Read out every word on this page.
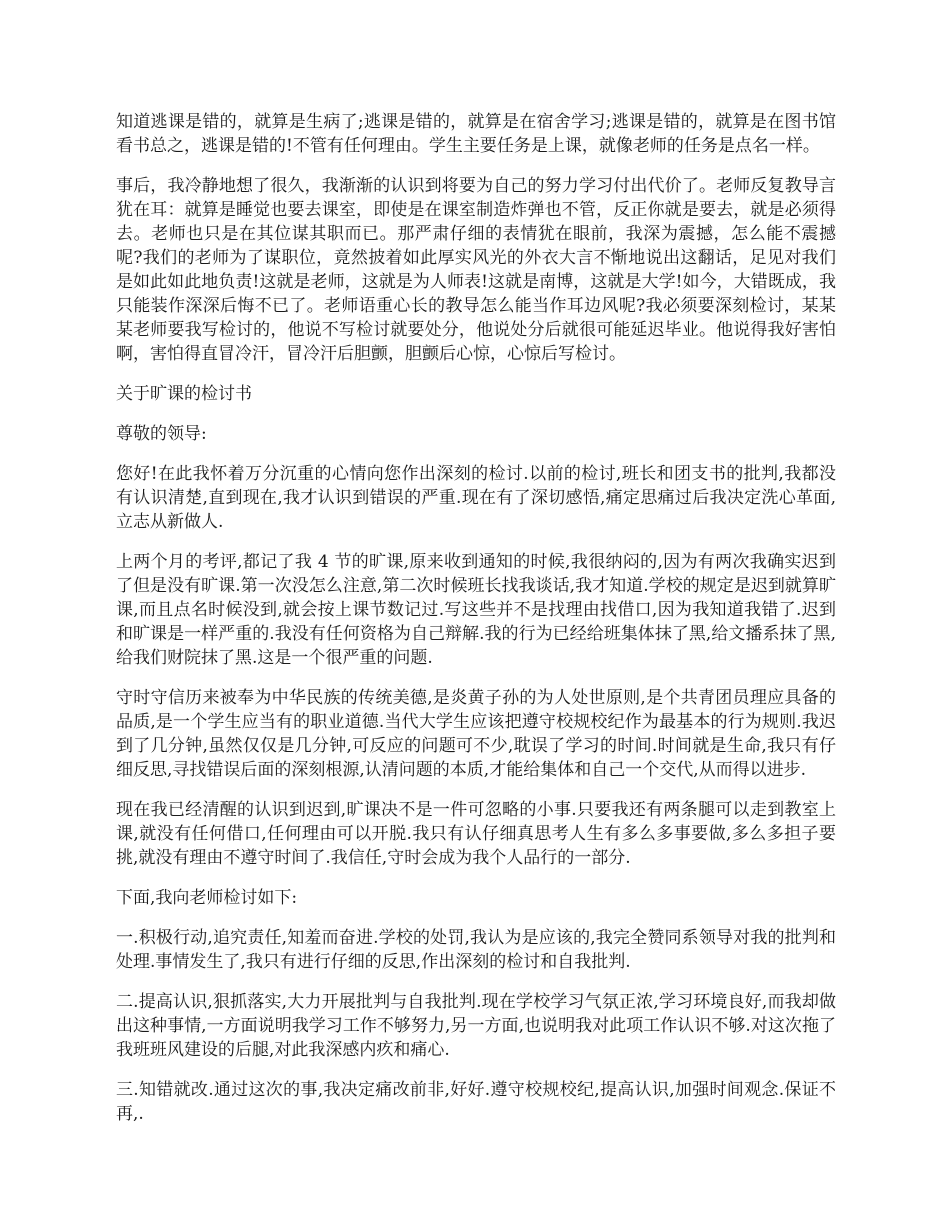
知道逃课是错的，就算是生病了;逃课是错的，就算是在宿舍学习;逃课是错的，就算是在图书馆看书总之，逃课是错的!不管有任何理由。学生主要任务是上课，就像老师的任务是点名一样。

事后，我冷静地想了很久，我渐渐的认识到将要为自己的努力学习付出代价了。老师反复教导言犹在耳：就算是睡觉也要去课室，即使是在课室制造炸弹也不管，反正你就是要去，就是必须得去。老师也只是在其位谋其职而已。那严肃仔细的表情犹在眼前，我深为震撼，怎么能不震撼呢?我们的老师为了谋职位，竟然披着如此厚实风光的外衣大言不惭地说出这翻话，足见对我们是如此如此地负责!这就是老师，这就是为人师表!这就是南博，这就是大学!如今，大错既成，我只能装作深深后悔不已了。老师语重心长的教导怎么能当作耳边风呢?我必须要深刻检讨，某某某老师要我写检讨的，他说不写检讨就要处分，他说处分后就很可能延迟毕业。他说得我好害怕啊，害怕得直冒冷汗，冒冷汗后胆颤，胆颤后心惊，心惊后写检讨。

关于旷课的检讨书

尊敬的领导:

您好!在此我怀着万分沉重的心情向您作出深刻的检讨.以前的检讨,班长和团支书的批判,我都没有认识清楚,直到现在,我才认识到错误的严重.现在有了深切感悟,痛定思痛过后我决定洗心革面,立志从新做人.

上两个月的考评,都记了我 4 节的旷课,原来收到通知的时候,我很纳闷的,因为有两次我确实迟到了但是没有旷课.第一次没怎么注意,第二次时候班长找我谈话,我才知道.学校的规定是迟到就算旷课,而且点名时候没到,就会按上课节数记过.写这些并不是找理由找借口,因为我知道我错了.迟到和旷课是一样严重的.我没有任何资格为自己辩解.我的行为已经给班集体抹了黑,给文播系抹了黑,给我们财院抹了黑.这是一个很严重的问题.

守时守信历来被奉为中华民族的传统美德,是炎黄子孙的为人处世原则,是个共青团员理应具备的品质,是一个学生应当有的职业道德.当代大学生应该把遵守校规校纪作为最基本的行为规则.我迟到了几分钟,虽然仅仅是几分钟,可反应的问题可不少,耽误了学习的时间.时间就是生命,我只有仔细反思,寻找错误后面的深刻根源,认清问题的本质,才能给集体和自己一个交代,从而得以进步.

现在我已经清醒的认识到迟到,旷课决不是一件可忽略的小事.只要我还有两条腿可以走到教室上课,就没有任何借口,任何理由可以开脱.我只有认仔细真思考人生有多么多事要做,多么多担子要挑,就没有理由不遵守时间了.我信任,守时会成为我个人品行的一部分.

下面,我向老师检讨如下:

一.积极行动,追究责任,知羞而奋进.学校的处罚,我认为是应该的,我完全赞同系领导对我的批判和处理.事情发生了,我只有进行仔细的反思,作出深刻的检讨和自我批判.

二.提高认识,狠抓落实,大力开展批判与自我批判.现在学校学习气氛正浓,学习环境良好,而我却做出这种事情,一方面说明我学习工作不够努力,另一方面,也说明我对此项工作认识不够.对这次拖了我班班风建设的后腿,对此我深感内疚和痛心.

三.知错就改.通过这次的事,我决定痛改前非,好好.遵守校规校纪,提高认识,加强时间观念.保证不再,.
